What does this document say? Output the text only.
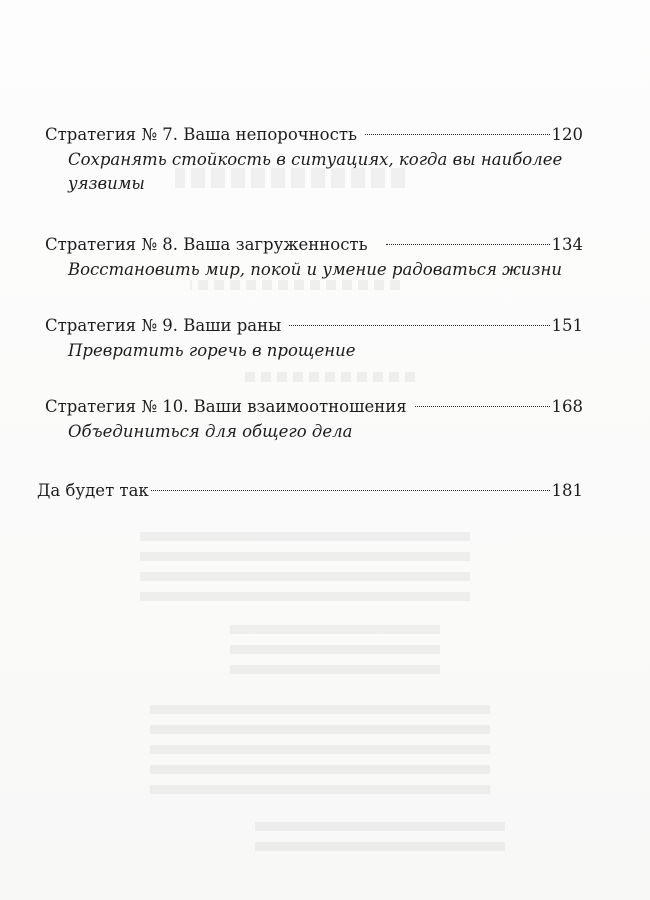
Стратегия № 7. Ваша непорочность	120
Сохранять стойкость в ситуациях, когда вы наиболее уязвимы
Стратегия № 8. Ваша загруженность	134
Восстановить мир, покой и умение радоваться жизни
Стратегия № 9. Ваши раны	151
Превратить горечь в прощение
Стратегия № 10. Ваши взаимоотношения	168
Объединиться для общего дела
Да будет так	181
